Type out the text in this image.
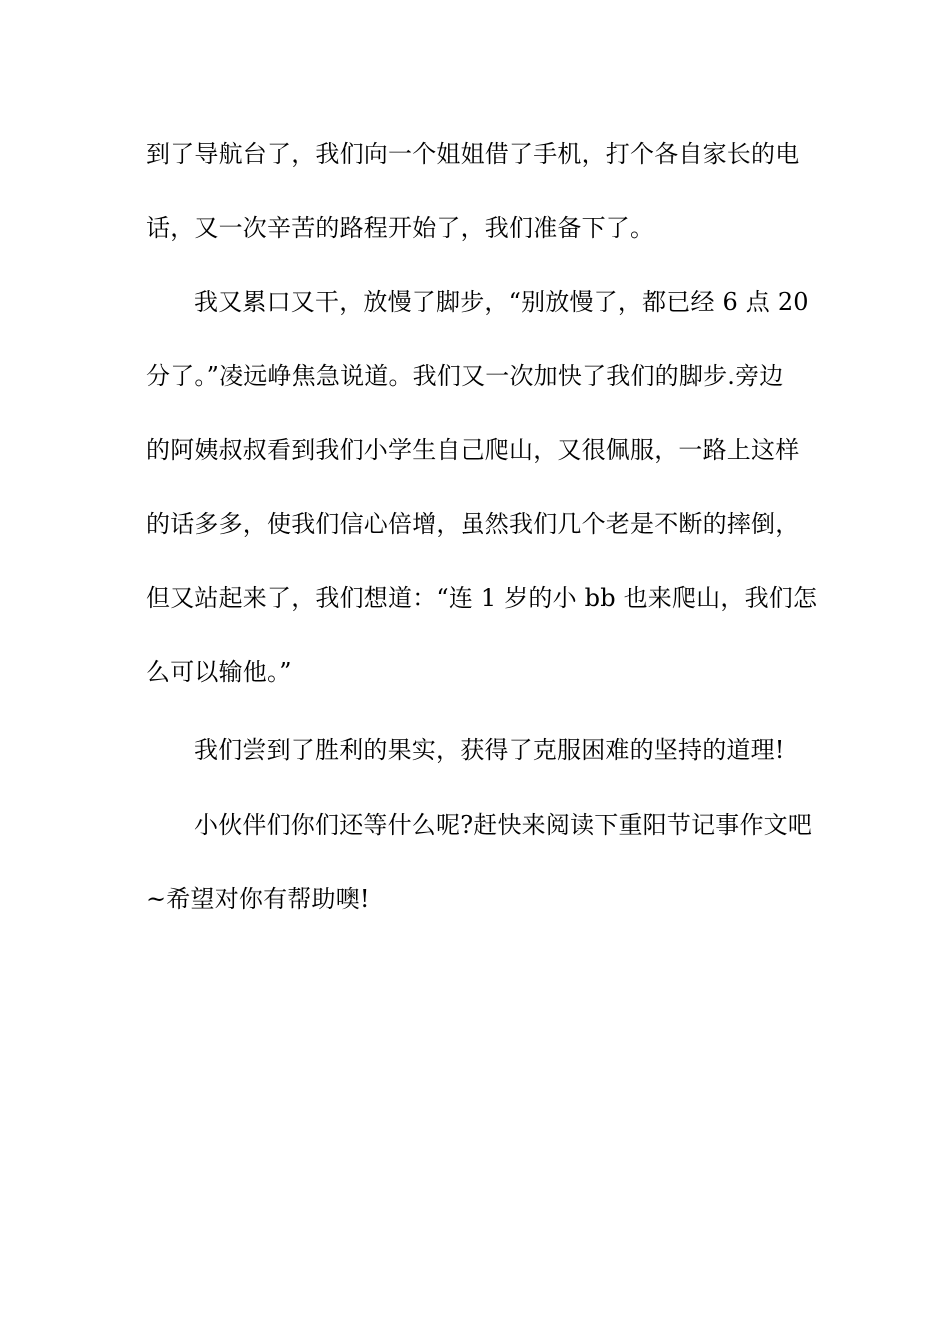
到了导航台了，我们向一个姐姐借了手机，打个各自家长的电
话，又一次辛苦的路程开始了，我们准备下了。
我又累口又干，放慢了脚步，“别放慢了，都已经 6 点 20
分了。”凌远峥焦急说道。我们又一次加快了我们的脚步.旁边
的阿姨叔叔看到我们小学生自己爬山，又很佩服，一路上这样
的话多多，使我们信心倍增，虽然我们几个老是不断的摔倒，
但又站起来了，我们想道：“连 1 岁的小 bb 也来爬山，我们怎
么可以输他。”
我们尝到了胜利的果实，获得了克服困难的坚持的道理!
小伙伴们你们还等什么呢?赶快来阅读下重阳节记事作文吧
~希望对你有帮助噢!
